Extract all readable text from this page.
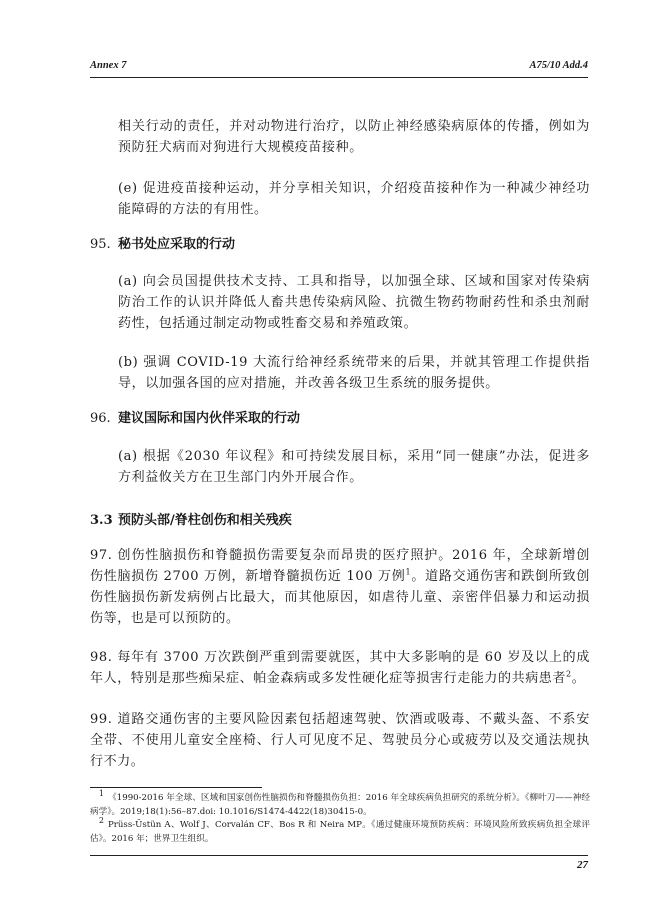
Annex 7	A75/10 Add.4

相关行动的责任，并对动物进行治疗，以防止神经感染病原体的传播，例如为预防狂犬病而对狗进行大规模疫苗接种。

(e) 促进疫苗接种运动，并分享相关知识，介绍疫苗接种作为一种减少神经功能障碍的方法的有用性。

95. 秘书处应采取的行动

(a) 向会员国提供技术支持、工具和指导，以加强全球、区域和国家对传染病防治工作的认识并降低人畜共患传染病风险、抗微生物药物耐药性和杀虫剂耐药性，包括通过制定动物或牲畜交易和养殖政策。

(b) 强调 COVID-19 大流行给神经系统带来的后果，并就其管理工作提供指导，以加强各国的应对措施，并改善各级卫生系统的服务提供。

96. 建议国际和国内伙伴采取的行动

(a) 根据《2030 年议程》和可持续发展目标，采用“同一健康”办法，促进多方利益攸关方在卫生部门内外开展合作。

3.3 预防头部/脊柱创伤和相关残疾

97. 创伤性脑损伤和脊髓损伤需要复杂而昂贵的医疗照护。2016 年，全球新增创伤性脑损伤 2700 万例，新增脊髓损伤近 100 万例$^1$。道路交通伤害和跌倒所致创伤性脑损伤新发病例占比最大，而其他原因，如虐待儿童、亲密伴侣暴力和运动损伤等，也是可以预防的。

98. 每年有 3700 万次跌倒严重到需要就医，其中大多影响的是 60 岁及以上的成年人，特别是那些痴呆症、帕金森病或多发性硬化症等损害行走能力的共病患者$^2$。

99. 道路交通伤害的主要风险因素包括超速驾驶、饮酒或吸毒、不戴头盔、不系安全带、不使用儿童安全座椅、行人可见度不足、驾驶员分心或疲劳以及交通法规执行不力。

$^1$ 《1990-2016 年全球、区域和国家创伤性脑损伤和脊髓损伤负担：2016 年全球疾病负担研究的系统分析》。《柳叶刀——神经病学》。2019;18(1):56–87.doi: 10.1016/S1474-4422(18)30415-0。

$^2$ Prüss-Üstün A、Wolf J、Corvalán CF、Bos R 和 Neira MP。《通过健康环境预防疾病：环境风险所致疾病负担全球评估》。2016 年；世界卫生组织。

27
